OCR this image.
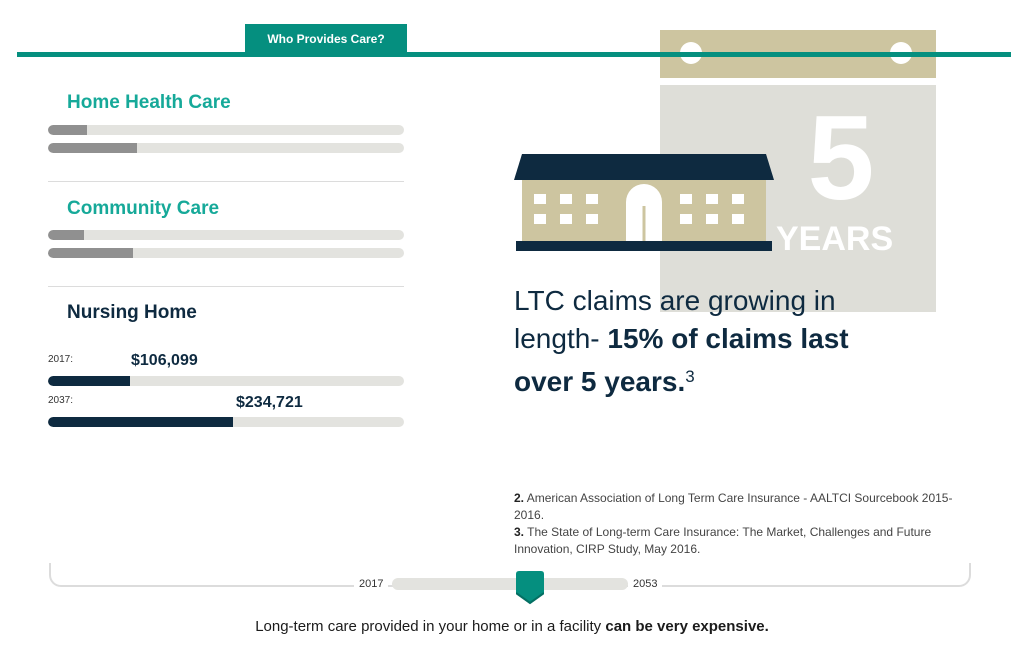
Who Provides Care?
Home Health Care
Community Care
Nursing Home
2017:	$106,099
2037:	$234,721
5
YEARS
LTC claims are growing in length- 15% of claims last over 5 years.$^3$
2. American Association of Long Term Care Insurance - AALTCI Sourcebook 2015-2016.
3. The State of Long-term Care Insurance: The Market, Challenges and Future Innovation, CIRP Study, May 2016.
2017	2053
Long-term care provided in your home or in a facility can be very expensive.
